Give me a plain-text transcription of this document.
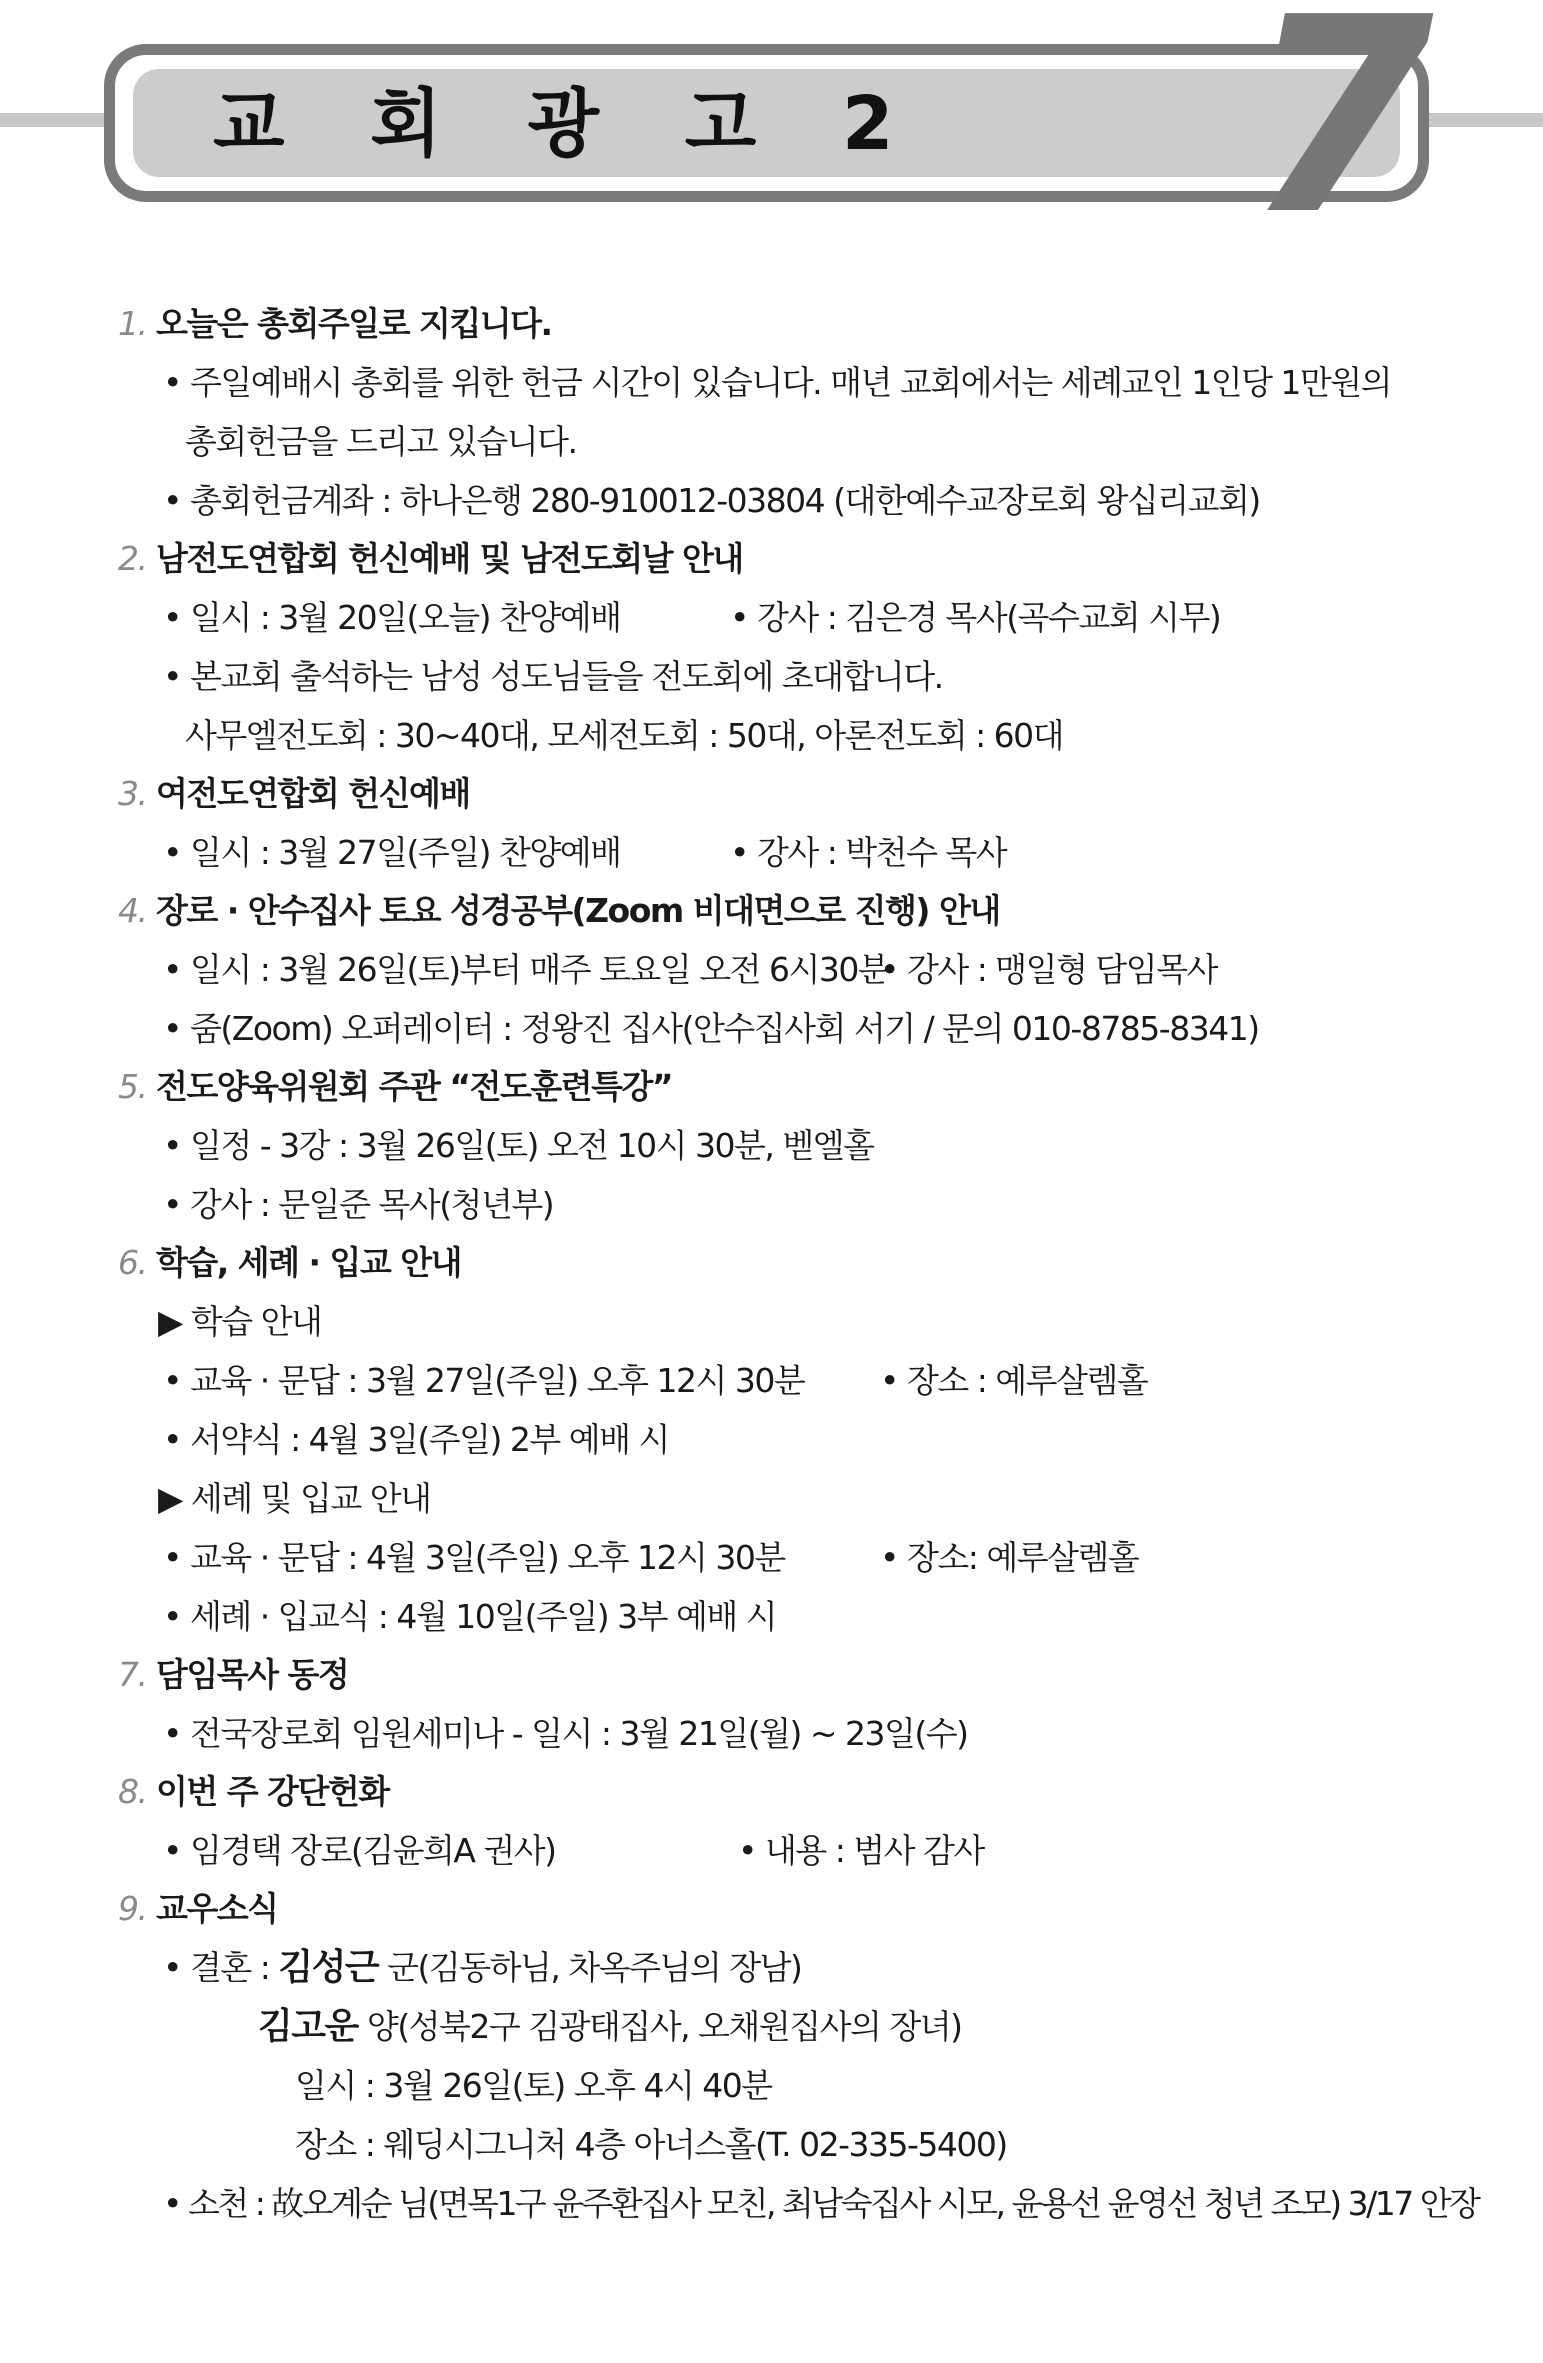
교 회 광 고 2 7
1. 오늘은 총회주일로 지킵니다.
• 주일예배시 총회를 위한 헌금 시간이 있습니다. 매년 교회에서는 세례교인 1인당 1만원의
총회헌금을 드리고 있습니다.
• 총회헌금계좌 : 하나은행 280-910012-03804 (대한예수교장로회 왕십리교회)
2. 남전도연합회 헌신예배 및 남전도회날 안내
• 일시 : 3월 20일(오늘) 찬양예배	• 강사 : 김은경 목사(곡수교회 시무)
• 본교회 출석하는 남성 성도님들을 전도회에 초대합니다.
사무엘전도회 : 30~40대, 모세전도회 : 50대, 아론전도회 : 60대
3. 여전도연합회 헌신예배
• 일시 : 3월 27일(주일) 찬양예배	• 강사 : 박천수 목사
4. 장로 · 안수집사 토요 성경공부(Zoom 비대면으로 진행) 안내
• 일시 : 3월 26일(토)부터 매주 토요일 오전 6시30분
• 강사 : 맹일형 담임목사
• 줌(Zoom) 오퍼레이터 : 정왕진 집사(안수집사회 서기 / 문의 010-8785-8341)
5. 전도양육위원회 주관 “전도훈련특강”
• 일정 - 3강 : 3월 26일(토) 오전 10시 30분, 벧엘홀
• 강사 : 문일준 목사(청년부)
6. 학습, 세례 · 입교 안내
▶ 학습 안내
• 교육 · 문답 : 3월 27일(주일) 오후 12시 30분 • 장소 : 예루살렘홀
• 서약식 : 4월 3일(주일) 2부 예배 시
▶ 세례 및 입교 안내
• 교육 · 문답 : 4월 3일(주일) 오후 12시 30분	• 장소: 예루살렘홀
• 세례 · 입교식 : 4월 10일(주일) 3부 예배 시
7. 담임목사 동정
• 전국장로회 임원세미나 - 일시 : 3월 21일(월) ~ 23일(수)
8. 이번 주 강단헌화
• 임경택 장로(김윤희A 권사)	• 내용 : 범사 감사
9. 교우소식
• 결혼 : 김성근 군(김동하님, 차옥주님의 장남)
김고운 양(성북2구 김광태집사, 오채원집사의 장녀)
일시 : 3월 26일(토) 오후 4시 40분
장소 : 웨딩시그니처 4층 아너스홀(T. 02-335-5400)
• 소천 : 故오계순 님(면목1구 윤주환집사 모친, 최남숙집사 시모, 윤용선 윤영선 청년 조모) 3/17 안장
